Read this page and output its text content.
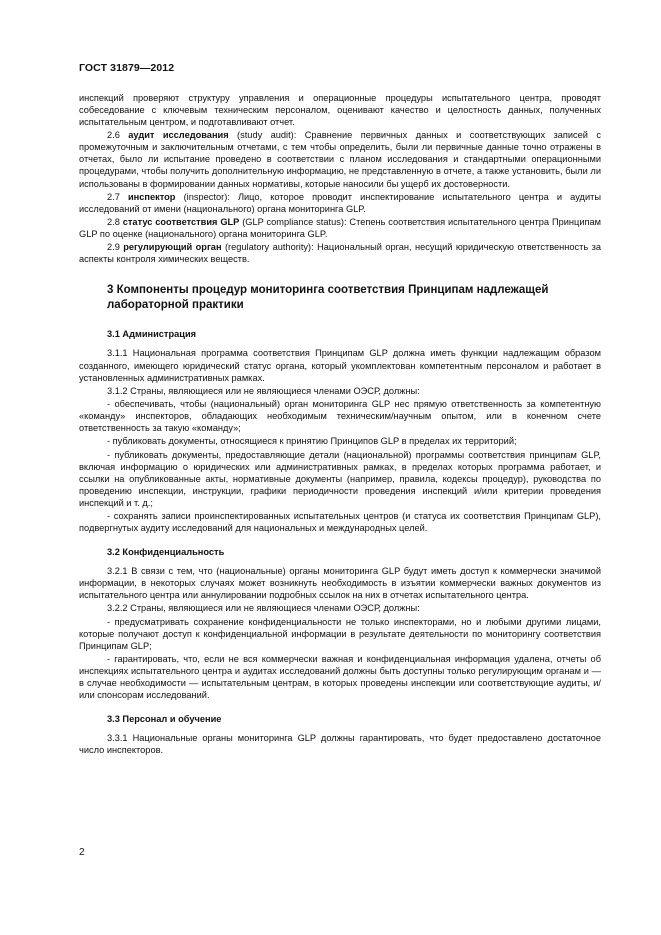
ГОСТ 31879—2012

инспекций проверяют структуру управления и операционные процедуры испытательного центра, проводят собеседование с ключевым техническим персоналом, оценивают качество и целостность данных, полученных испытательным центром, и подготавливают отчет.

2.6 аудит исследования (study audit): Сравнение первичных данных и соответствующих записей с промежуточным и заключительным отчетами, с тем чтобы определить, были ли первичные данные точно отражены в отчетах, было ли испытание проведено в соответствии с планом исследования и стандартными операционными процедурами, чтобы получить дополнительную информацию, не представленную в отчете, а также установить, были ли использованы в формировании данных нормативы, которые наносили бы ущерб их достоверности.

2.7 инспектор (inspector): Лицо, которое проводит инспектирование испытательного центра и аудиты исследований от имени (национального) органа мониторинга GLP.

2.8 статус соответствия GLP (GLP compliance status): Степень соответствия испытательного центра Принципам GLP по оценке (национального) органа мониторинга GLP.

2.9 регулирующий орган (regulatory authority): Национальный орган, несущий юридическую ответственность за аспекты контроля химических веществ.

3 Компоненты процедур мониторинга соответствия Принципам надлежащей лабораторной практики
3.1 Администрация

3.1.1 Национальная программа соответствия Принципам GLP должна иметь функции надлежащим образом созданного, имеющего юридический статус органа, который укомплектован компетентным персоналом и работает в установленных административных рамках.

3.1.2 Страны, являющиеся или не являющиеся членами ОЭСР, должны:

- обеспечивать, чтобы (национальный) орган мониторинга GLP нес прямую ответственность за компетентную «команду» инспекторов, обладающих необходимым техническим/научным опытом, или в конечном счете ответственность за такую «команду»;

- публиковать документы, относящиеся к принятию Принципов GLP в пределах их территорий;

- публиковать документы, предоставляющие детали (национальной) программы соответствия принципам GLP, включая информацию о юридических или административных рамках, в пределах которых программа работает, и ссылки на опубликованные акты, нормативные документы (например, правила, кодексы процедур), руководства по проведению инспекции, инструкции, графики периодичности проведения инспекций и/или критерии проведения инспекций и т. д.;

- сохранять записи проинспектированных испытательных центров (и статуса их соответствия Принципам GLP), подвергнутых аудиту исследований для национальных и международных целей.

3.2 Конфиденциальность

3.2.1 В связи с тем, что (национальные) органы мониторинга GLP будут иметь доступ к коммерчески значимой информации, в некоторых случаях может возникнуть необходимость в изъятии коммерчески важных документов из испытательного центра или аннулировании подробных ссылок на них в отчетах испытательного центра.

3.2.2 Страны, являющиеся или не являющиеся членами ОЭСР, должны:

- предусматривать сохранение конфиденциальности не только инспекторами, но и любыми другими лицами, которые получают доступ к конфиденциальной информации в результате деятельности по мониторингу соответствия Принципам GLP;

- гарантировать, что, если не вся коммерчески важная и конфиденциальная информация удалена, отчеты об инспекциях испытательного центра и аудитах исследований должны быть доступны только регулирующим органам и — в случае необходимости — испытательным центрам, в которых проведены инспекции или соответствующие аудиты, и/или спонсорам исследований.

3.3 Персонал и обучение

3.3.1 Национальные органы мониторинга GLP должны гарантировать, что будет предоставлено достаточное число инспекторов.

2
